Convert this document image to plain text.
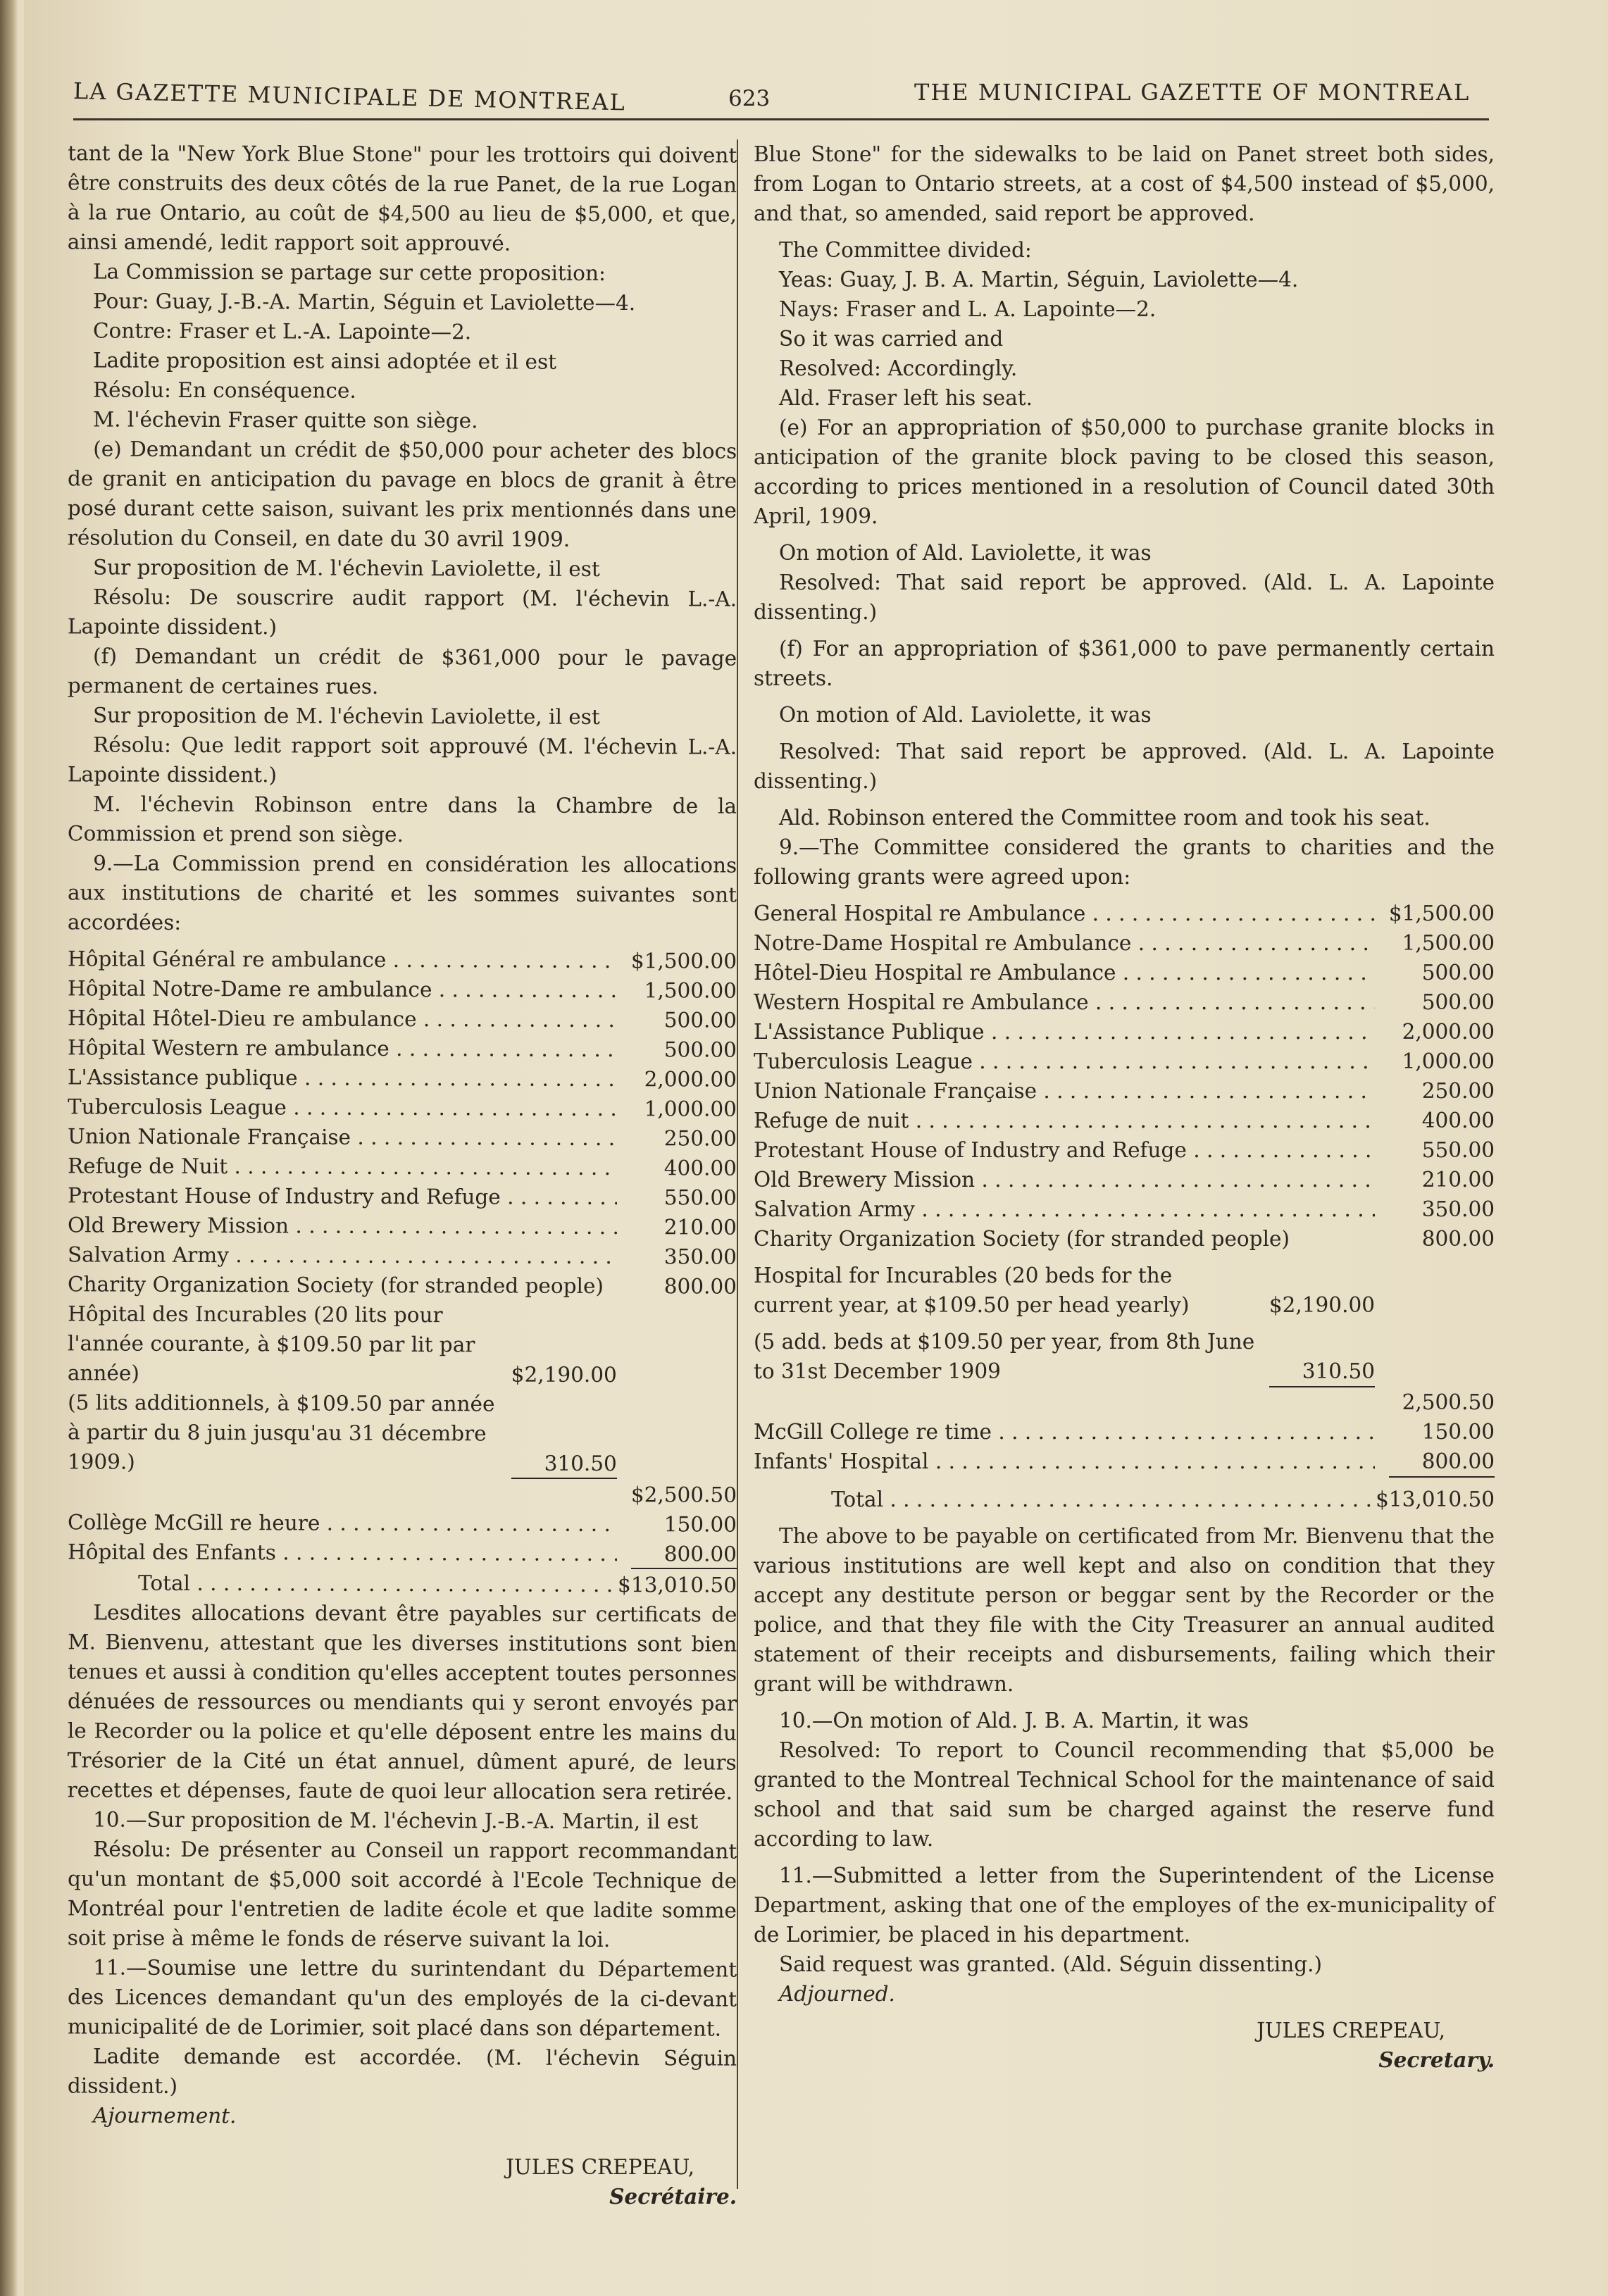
LA GAZETTE MUNICIPALE DE MONTREAL	623	THE MUNICIPAL GAZETTE OF MONTREAL

tant de la "New York Blue Stone" pour les trottoirs qui doivent être construits des deux côtés de la rue Panet, de la rue Logan à la rue Ontario, au coût de $4,500 au lieu de $5,000, et que, ainsi amendé, ledit rapport soit approuvé.

La Commission se partage sur cette proposition:

Pour: Guay, J.-B.-A. Martin, Séguin et Laviolette—4.

Contre: Fraser et L.-A. Lapointe—2.

Ladite proposition est ainsi adoptée et il est

Résolu: En conséquence.

M. l'échevin Fraser quitte son siège.

(e) Demandant un crédit de $50,000 pour acheter des blocs de granit en anticipation du pavage en blocs de granit à être posé durant cette saison, suivant les prix mentionnés dans une résolution du Conseil, en date du 30 avril 1909.

Sur proposition de M. l'échevin Laviolette, il est

Résolu: De souscrire audit rapport (M. l'échevin L.-A. Lapointe dissident.)

(f) Demandant un crédit de $361,000 pour le pavage permanent de certaines rues.

Sur proposition de M. l'échevin Laviolette, il est

Résolu: Que ledit rapport soit approuvé (M. l'échevin L.-A. Lapointe dissident.)

M. l'échevin Robinson entre dans la Chambre de la Commission et prend son siège.

9.—La Commission prend en considération les allocations aux institutions de charité et les sommes suivantes sont accordées:

Hôpital Général re ambulance . . .	$1,500.00
Hôpital Notre-Dame re ambulance . . .	1,500.00
Hôpital Hôtel-Dieu re ambulance . . .	500.00
Hôpital Western re ambulance . . .	500.00
L'Assistance publique . . .	2,000.00
Tuberculosis League . . .	1,000.00
Union Nationale Française . . .	250.00
Refuge de Nuit . . .	400.00
Protestant House of Industry and Refuge . . .	550.00
Old Brewery Mission . . .	210.00
Salvation Army . . .	350.00
Charity Organization Society (for stranded people)	800.00
Hôpital des Incurables (20 lits pour l'année courante, à $109.50 par lit par année)	$2,190.00
(5 lits additionnels, à $109.50 par année à partir du 8 juin jusqu'au 31 décembre 1909.)	310.50
$2,500.50
Collège McGill re heure . . .	150.00
Hôpital des Enfants . . .	800.00
Total . . .	$13,010.50

Lesdites allocations devant être payables sur certificats de M. Bienvenu, attestant que les diverses institutions sont bien tenues et aussi à condition qu'elles acceptent toutes personnes dénuées de ressources ou mendiants qui y seront envoyés par le Recorder ou la police et qu'elle déposent entre les mains du Trésorier de la Cité un état annuel, dûment apuré, de leurs recettes et dépenses, faute de quoi leur allocation sera retirée.

10.—Sur proposition de M. l'échevin J.-B.-A. Martin, il est

Résolu: De présenter au Conseil un rapport recommandant qu'un montant de $5,000 soit accordé à l'Ecole Technique de Montréal pour l'entretien de ladite école et que ladite somme soit prise à même le fonds de réserve suivant la loi.

11.—Soumise une lettre du surintendant du Département des Licences demandant qu'un des employés de la ci-devant municipalité de de Lorimier, soit placé dans son département.

Ladite demande est accordée. (M. l'échevin Séguin dissident.)

Ajournement.

JULES CREPEAU,
Secrétaire.

Blue Stone" for the sidewalks to be laid on Panet street both sides, from Logan to Ontario streets, at a cost of $4,500 instead of $5,000, and that, so amended, said report be approved.

The Committee divided:

Yeas: Guay, J. B. A. Martin, Séguin, Laviolette—4.

Nays: Fraser and L. A. Lapointe—2.

So it was carried and

Resolved: Accordingly.

Ald. Fraser left his seat.

(e) For an appropriation of $50,000 to purchase granite blocks in anticipation of the granite block paving to be closed this season, according to prices mentioned in a resolution of Council dated 30th April, 1909.

On motion of Ald. Laviolette, it was

Resolved: That said report be approved. (Ald. L. A. Lapointe dissenting.)

(f) For an appropriation of $361,000 to pave permanently certain streets.

On motion of Ald. Laviolette, it was

Resolved: That said report be approved. (Ald. L. A. Lapointe dissenting.)

Ald. Robinson entered the Committee room and took his seat.

9.—The Committee considered the grants to charities and the following grants were agreed upon:

General Hospital re Ambulance . . .	$1,500.00
Notre-Dame Hospital re Ambulance . . .	1,500.00
Hôtel-Dieu Hospital re Ambulance . . .	500.00
Western Hospital re Ambulance . . .	500.00
L'Assistance Publique . . .	2,000.00
Tuberculosis League . . .	1,000.00
Union Nationale Française . . .	250.00
Refuge de nuit . . .	400.00
Protestant House of Industry and Refuge . . .	550.00
Old Brewery Mission . . .	210.00
Salvation Army . . .	350.00
Charity Organization Society (for stranded people)	800.00
Hospital for Incurables (20 beds for the current year, at $109.50 per head yearly)	$2,190.00
(5 add. beds at $109.50 per year, from 8th June to 31st December 1909	310.50
2,500.50
McGill College re time . . .	150.00
Infants' Hospital . . .	800.00
Total . . .	$13,010.50

The above to be payable on certificated from Mr. Bienvenu that the various institutions are well kept and also on condition that they accept any destitute person or beggar sent by the Recorder or the police, and that they file with the City Treasurer an annual audited statement of their receipts and disbursements, failing which their grant will be withdrawn.

10.—On motion of Ald. J. B. A. Martin, it was

Resolved: To report to Council recommending that $5,000 be granted to the Montreal Technical School for the maintenance of said school and that said sum be charged against the reserve fund according to law.

11.—Submitted a letter from the Superintendent of the License Department, asking that one of the employes of the ex-municipality of de Lorimier, be placed in his department.

Said request was granted. (Ald. Séguin dissenting.)

Adjourned.

JULES CREPEAU,
Secretary.
